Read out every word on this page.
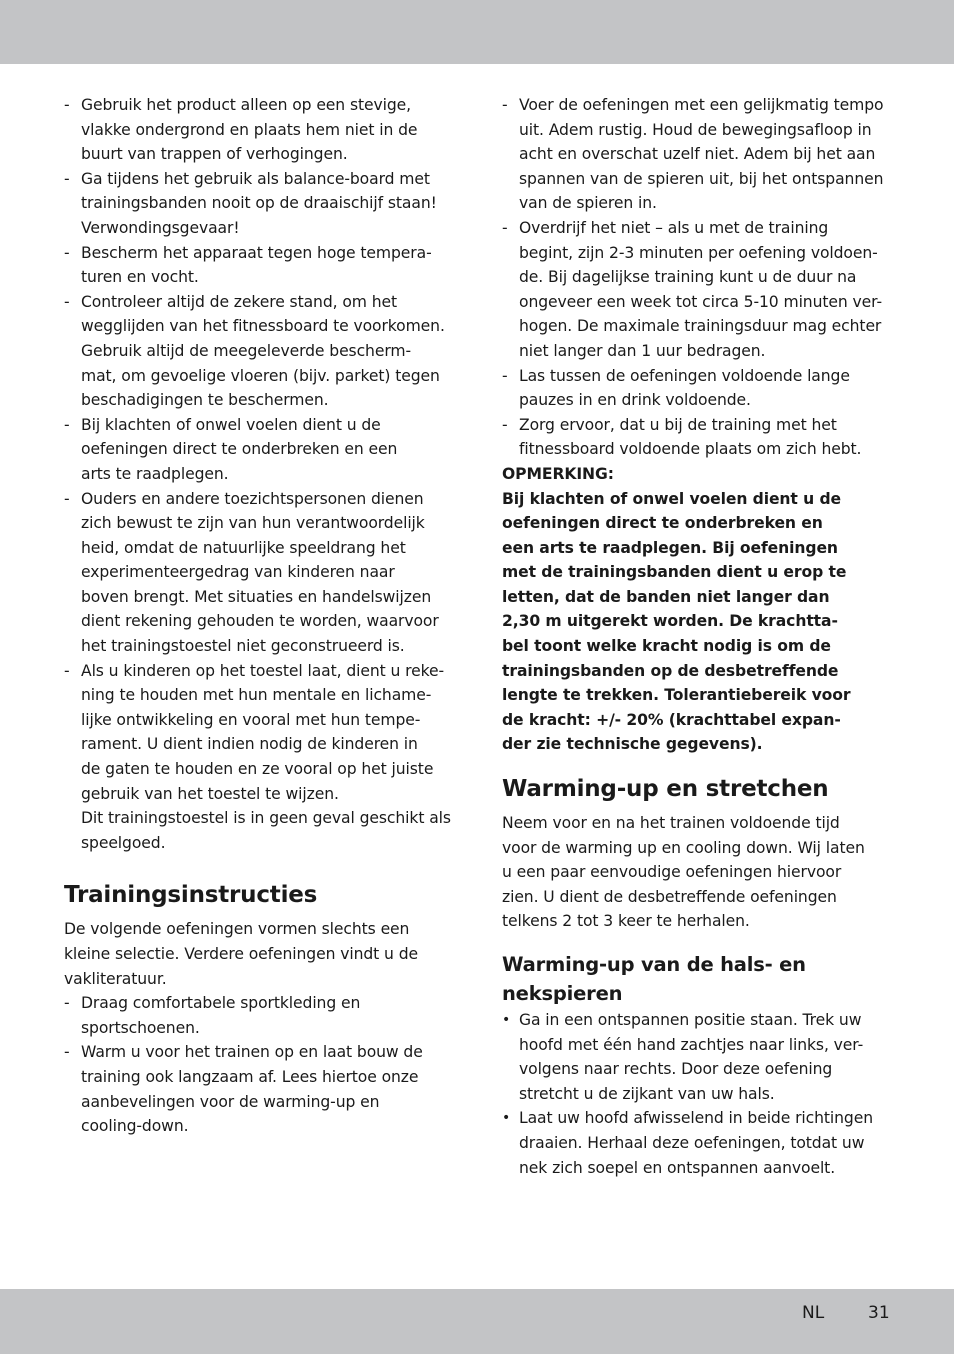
- Gebruik het product alleen op een stevige,
vlakke ondergrond en plaats hem niet in de
buurt van trappen of verhogingen.

- Ga tijdens het gebruik als balance-board met
trainingsbanden nooit op de draaischijf staan!
Verwondingsgevaar!

- Bescherm het apparaat tegen hoge tempera-
turen en vocht.

- Controleer altijd de zekere stand, om het
wegglijden van het fitnessboard te voorkomen.
Gebruik altijd de meegeleverde bescherm-
mat, om gevoelige vloeren (bijv. parket) tegen
beschadigingen te beschermen.

- Bij klachten of onwel voelen dient u de
oefeningen direct te onderbreken en een
arts te raadplegen.

- Ouders en andere toezichtspersonen dienen
zich bewust te zijn van hun verantwoordelijk
heid, omdat de natuurlijke speeldrang het
experimenteergedrag van kinderen naar
boven brengt. Met situaties en handelswijzen
dient rekening gehouden te worden, waarvoor
het trainingstoestel niet geconstrueerd is.

- Als u kinderen op het toestel laat, dient u reke-
ning te houden met hun mentale en lichame-
lijke ontwikkeling en vooral met hun tempe-
rament. U dient indien nodig de kinderen in
de gaten te houden en ze vooral op het juiste
gebruik van het toestel te wijzen.
Dit trainingstoestel is in geen geval geschikt als
speelgoed.

Trainingsinstructies
De volgende oefeningen vormen slechts een
kleine selectie. Verdere oefeningen vindt u de
vakliteratuur.
- Draag comfortabele sportkleding en
sportschoenen.

- Warm u voor het trainen op en laat bouw de
training ook langzaam af. Lees hiertoe onze
aanbevelingen voor de warming-up en
cooling-down.

- Voer de oefeningen met een gelijkmatig tempo
uit. Adem rustig. Houd de bewegingsafloop in
acht en overschat uzelf niet. Adem bij het aan
spannen van de spieren uit, bij het ontspannen
van de spieren in.

- Overdrijf het niet – als u met de training
begint, zijn 2-3 minuten per oefening voldoen-
de. Bij dagelijkse training kunt u de duur na
ongeveer een week tot circa 5-10 minuten ver-
hogen. De maximale trainingsduur mag echter
niet langer dan 1 uur bedragen.

- Las tussen de oefeningen voldoende lange
pauzes in en drink voldoende.

- Zorg ervoor, dat u bij de training met het
fitnessboard voldoende plaats om zich hebt.

OPMERKING:
Bij klachten of onwel voelen dient u de
oefeningen direct te onderbreken en
een arts te raadplegen. Bij oefeningen
met de trainingsbanden dient u erop te
letten, dat de banden niet langer dan
2,30 m uitgerekt worden. De krachtta-
bel toont welke kracht nodig is om de
trainingsbanden op de desbetreffende
lengte te trekken. Tolerantiebereik voor
de kracht: +/- 20% (krachttabel expan-
der zie technische gegevens).
Warming-up en stretchen
Neem voor en na het trainen voldoende tijd
voor de warming up en cooling down. Wij laten
u een paar eenvoudige oefeningen hiervoor
zien. U dient de desbetreffende oefeningen
telkens 2 tot 3 keer te herhalen.
Warming-up van de hals- en
nekspieren
• Ga in een ontspannen positie staan. Trek uw
hoofd met één hand zachtjes naar links, ver-
volgens naar rechts. Door deze oefening
stretcht u de zijkant van uw hals.

• Laat uw hoofd afwisselend in beide richtingen
draaien. Herhaal deze oefeningen, totdat uw
nek zich soepel en ontspannen aanvoelt.

NL	31
